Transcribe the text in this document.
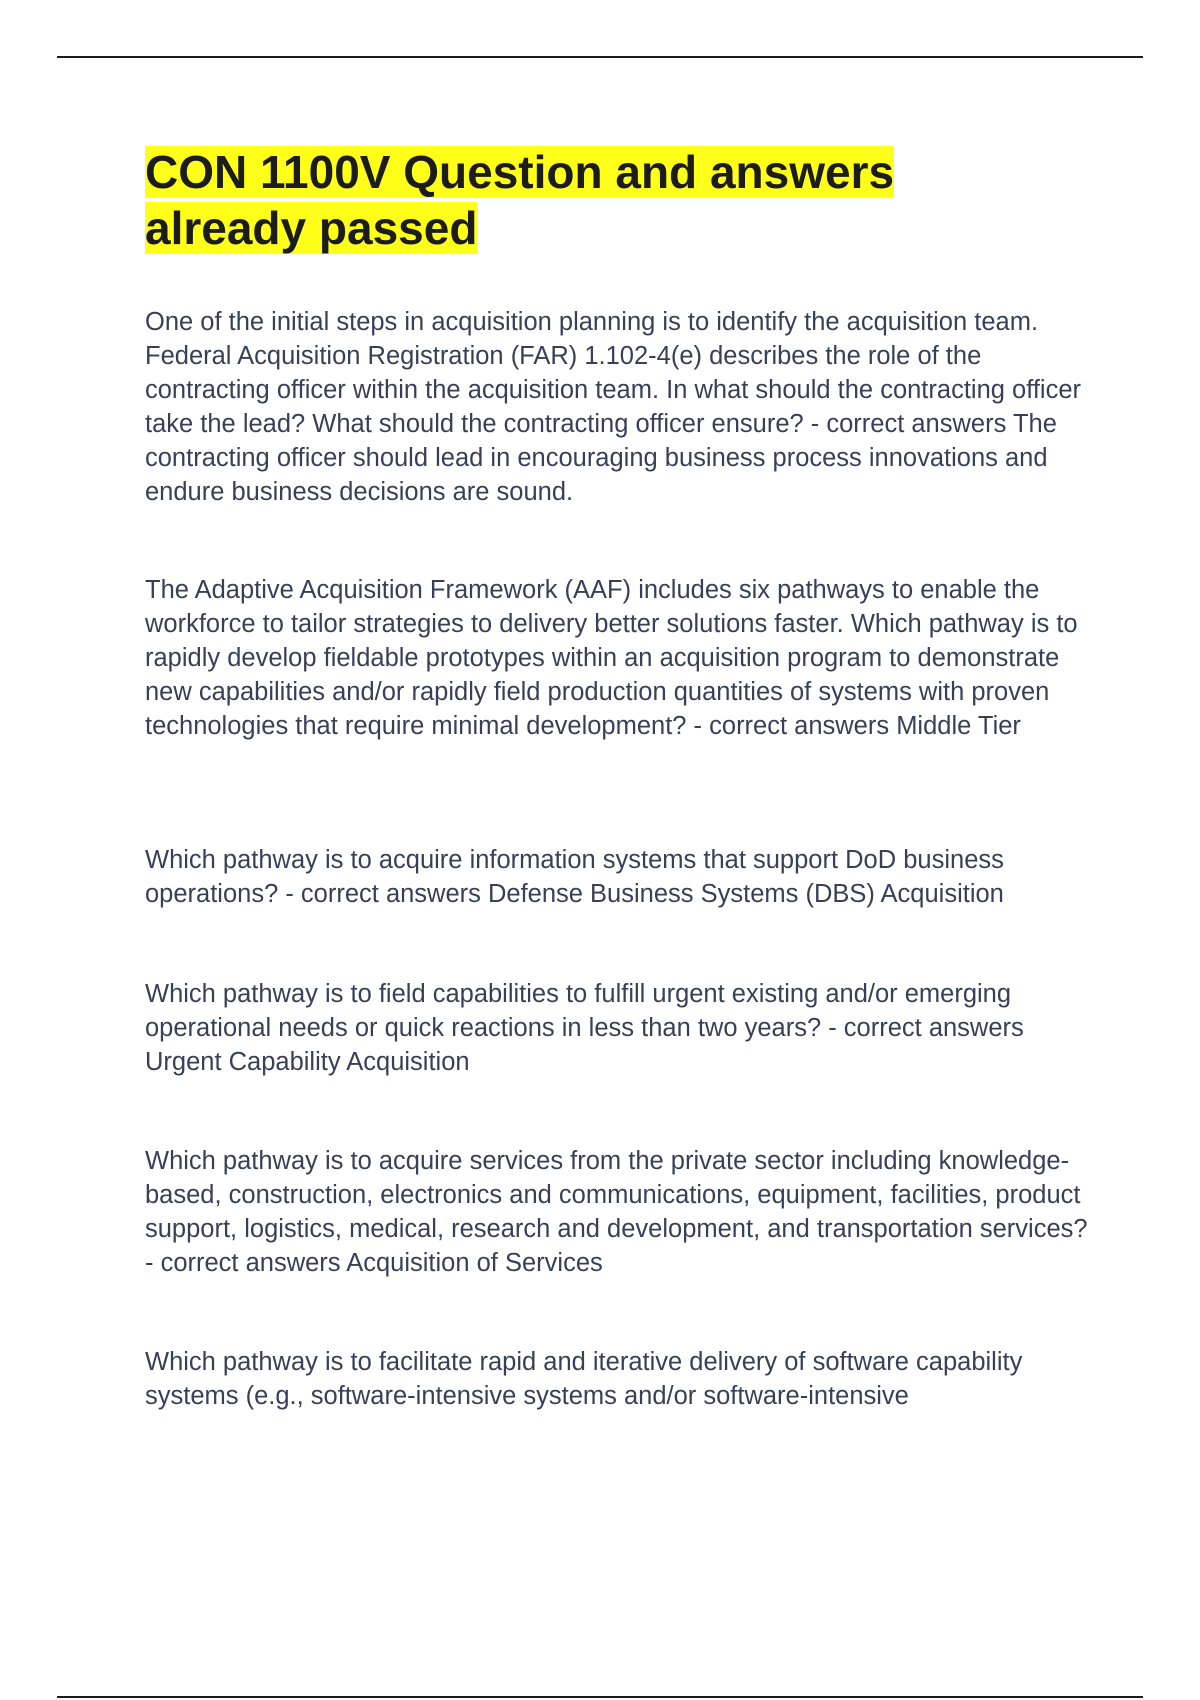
CON 1100V Question and answers already passed

One of the initial steps in acquisition planning is to identify the acquisition team. Federal Acquisition Registration (FAR) 1.102-4(e) describes the role of the contracting officer within the acquisition team. In what should the contracting officer take the lead? What should the contracting officer ensure? - correct answers The contracting officer should lead in encouraging business process innovations and endure business decisions are sound.

The Adaptive Acquisition Framework (AAF) includes six pathways to enable the workforce to tailor strategies to delivery better solutions faster. Which pathway is to rapidly develop fieldable prototypes within an acquisition program to demonstrate new capabilities and/or rapidly field production quantities of systems with proven technologies that require minimal development? - correct answers Middle Tier

Which pathway is to acquire information systems that support DoD business operations? - correct answers Defense Business Systems (DBS) Acquisition

Which pathway is to field capabilities to fulfill urgent existing and/or emerging operational needs or quick reactions in less than two years? - correct answers Urgent Capability Acquisition

Which pathway is to acquire services from the private sector including knowledge-based, construction, electronics and communications, equipment, facilities, product support, logistics, medical, research and development, and transportation services? - correct answers Acquisition of Services

Which pathway is to facilitate rapid and iterative delivery of software capability systems (e.g., software-intensive systems and/or software-intensive
